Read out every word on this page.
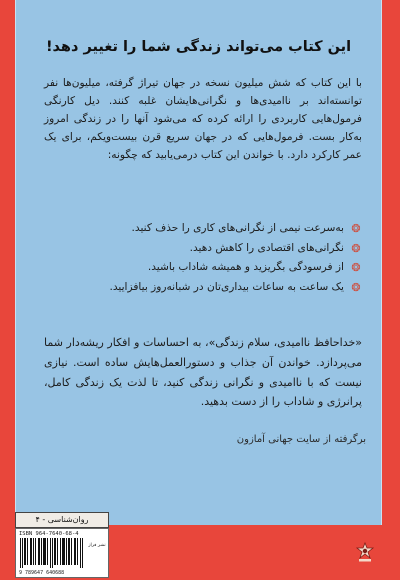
این کتاب می‌تواند زندگی شما را تغییر دهد!
با این کتاب که شش میلیون نسخه در جهان تیراژ گرفته، میلیون‌ها نفر توانسته‌اند بر ناامیدی‌ها و نگرانی‌هایشان غلبه کنند. دیل کارنگی فرمول‌هایی کاربردی را ارائه کرده که می‌شود آنها را در زندگی امروز به‌کار بست. فرمول‌هایی که در جهان سریع قرن بیست‌ویکم، برای یک عمر کارکرد دارد. با خواندن این کتاب درمی‌یابید که چگونه:
❂
به‌سرعت نیمی از نگرانی‌های کاری را حذف کنید.
❂
نگرانی‌های اقتصادی را کاهش دهید.
❂
از فرسودگی بگریزید و همیشه شاداب باشید.
❂
یک ساعت به ساعات بیداری‌تان در شبانه‌روز بیافزایید.
«خداحافظ ناامیدی، سلام زندگی»، به احساسات و افکار ریشه‌دار شما می‌پردازد. خواندن آن جذاب و دستورالعمل‌هایش ساده است. نیازی نیست که با ناامیدی و نگرانی زندگی کنید، تا لذت یک زندگی کامل، پرانرژی و شاداب را از دست بدهید.
برگرفته از سایت جهانی آمازون
روان‌شناسی - ۴
ISBN 964-7640-68-4
نشر فراز
9 789647 640688
